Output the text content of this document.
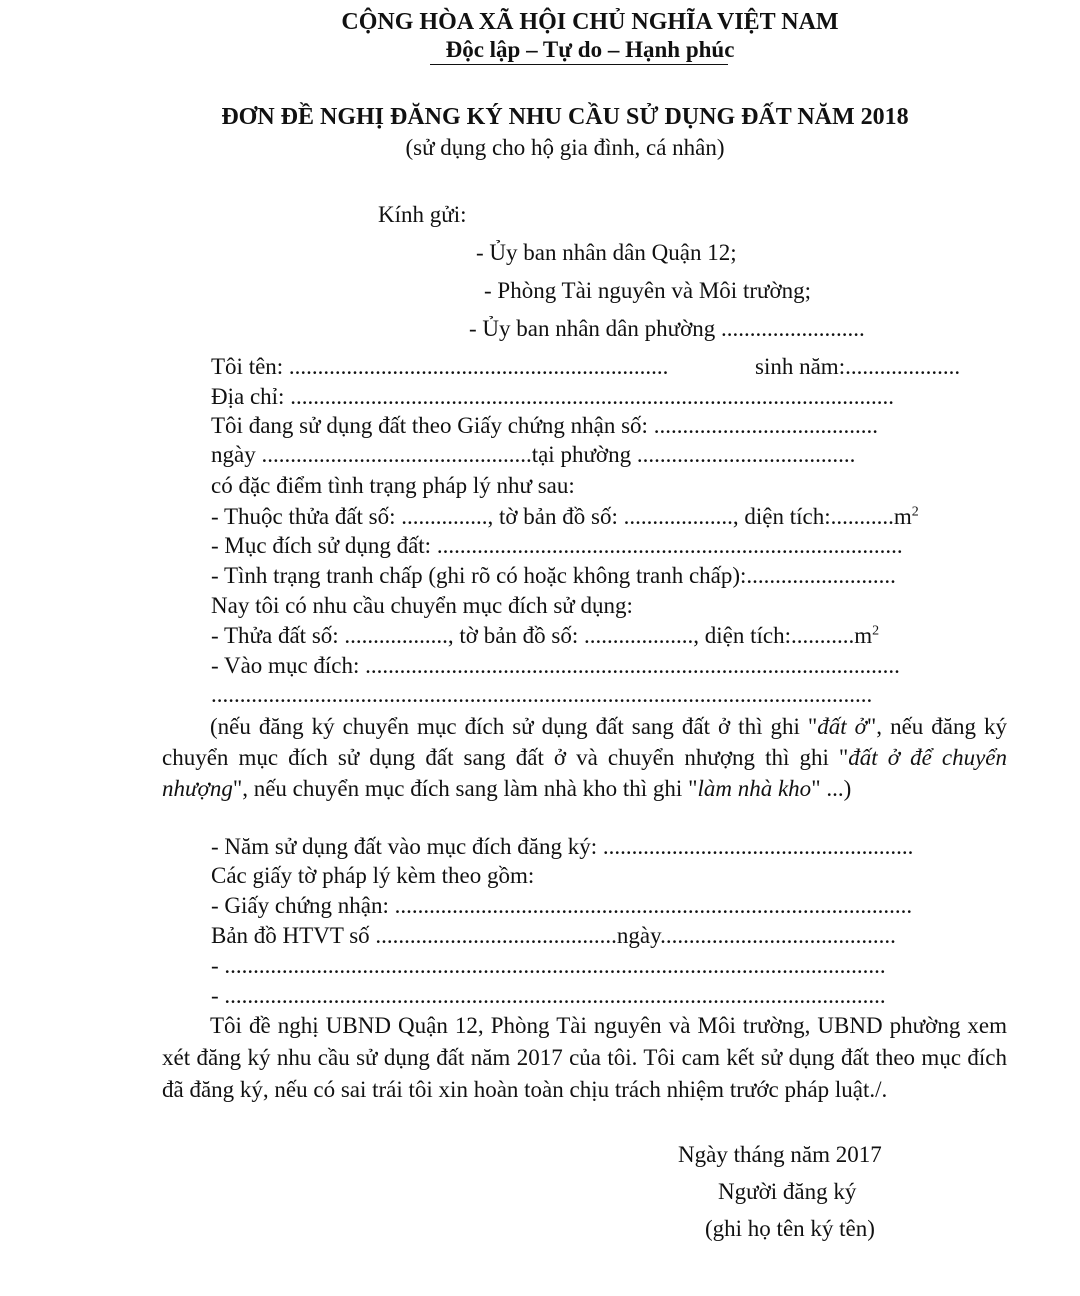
CỘNG HÒA XÃ HỘI CHỦ NGHĨA VIỆT NAM
Độc lập – Tự do – Hạnh phúc
ĐƠN ĐỀ NGHỊ ĐĂNG KÝ NHU CẦU SỬ DỤNG ĐẤT NĂM 2018
(sử dụng cho hộ gia đình, cá nhân)
Kính gửi:
- Ủy ban nhân dân Quận 12;
- Phòng Tài nguyên và Môi trường;
- Ủy ban nhân dân phường .........................
Tôi tên: ..................................................................	sinh năm:....................
Địa chỉ: .........................................................................................................
Tôi đang sử dụng đất theo Giấy chứng nhận số: .......................................
ngày ...............................................tại phường ......................................
có đặc điểm tình trạng pháp lý như sau:
- Thuộc thửa đất số: ..............., tờ bản đồ số: ..................., diện $tích:...........m^2$
- Mục đích sử dụng đất: .................................................................................
- Tình trạng tranh chấp (ghi rõ có hoặc không tranh chấp):..........................
Nay tôi có nhu cầu chuyển mục đích sử dụng:
- Thửa đất số: .................., tờ bản đồ số: ..................., diện $tích:...........m^2$
- Vào mục đích: .............................................................................................
...................................................................................................................
(nếu đăng ký chuyển mục đích sử dụng đất sang đất ở thì ghi "đất ở", nếu đăng ký chuyển mục đích sử dụng đất sang đất ở và chuyển nhượng thì ghi "đất ở để chuyển nhượng", nếu chuyển mục đích sang làm nhà kho thì ghi "làm nhà kho" ...)
- Năm sử dụng đất vào mục đích đăng ký: ......................................................
Các giấy tờ pháp lý kèm theo gồm:
- Giấy chứng nhận: ..........................................................................................
Bản đồ HTVT số ..........................................ngày.........................................
- ...................................................................................................................
- ...................................................................................................................
Tôi đề nghị UBND Quận 12, Phòng Tài nguyên và Môi trường, UBND phường xem xét đăng ký nhu cầu sử dụng đất năm 2017 của tôi. Tôi cam kết sử dụng đất theo mục đích đã đăng ký, nếu có sai trái tôi xin hoàn toàn chịu trách nhiệm trước pháp luật./.
Ngày tháng năm 2017
Người đăng ký
(ghi họ tên ký tên)
